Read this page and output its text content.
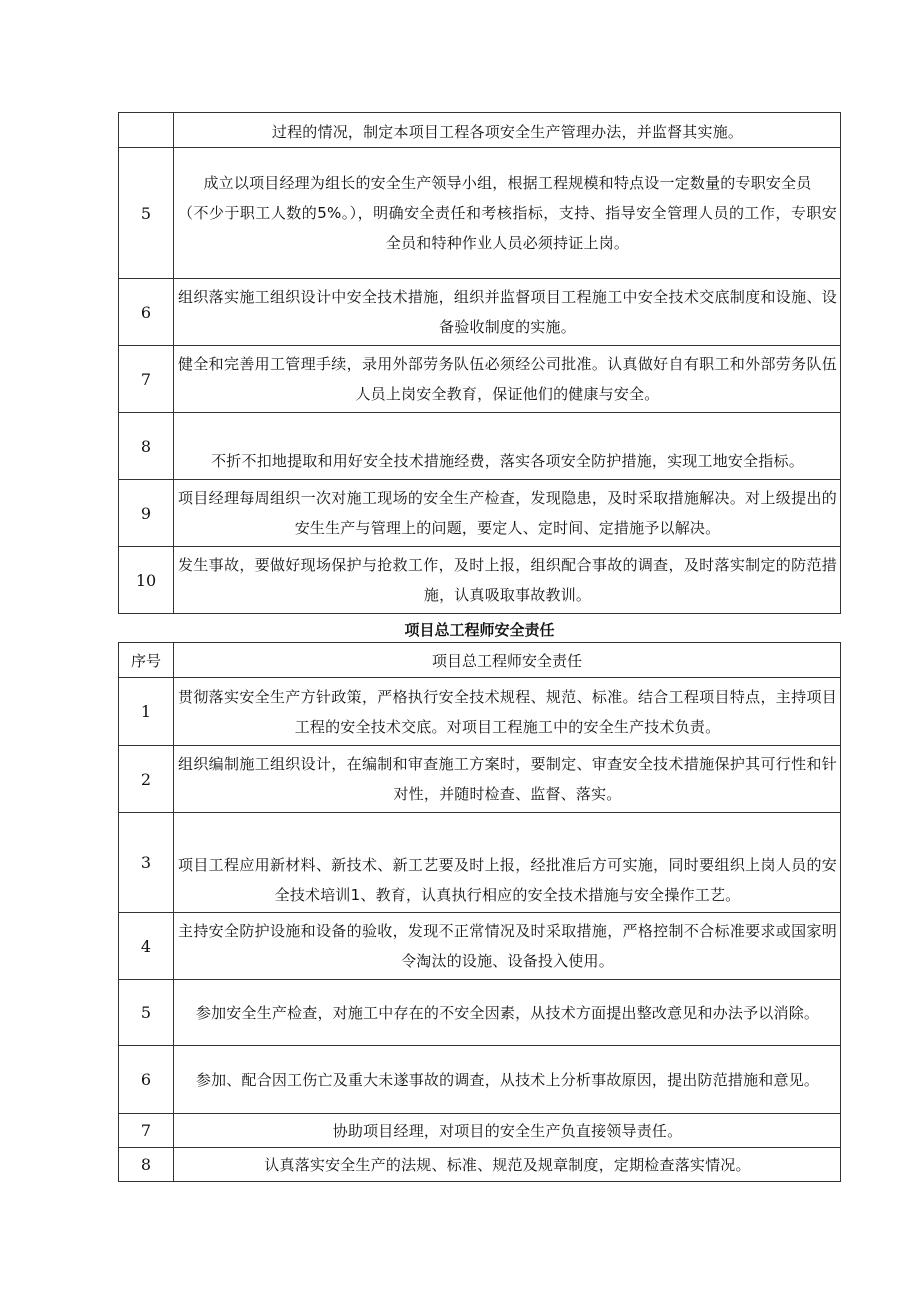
	过程的情况，制定本项目工程各项安全生产管理办法，并监督其实施。
5	成立以项目经理为组长的安全生产领导小组，根据工程规模和特点设一定数量的专职安全员
（不少于职工人数的5%。），明确安全责任和考核指标，支持、指导安全管理人员的工作，专职安全员和特种作业人员必须持证上岗。

6	组织落实施工组织设计中安全技术措施，组织并监督项目工程施工中安全技术交底制度和设施、设备验收制度的实施。
7	健全和完善用工管理手续，录用外部劳务队伍必须经公司批准。认真做好自有职工和外部劳务队伍人员上岗安全教育，保证他们的健康与安全。
8	不折不扣地提取和用好安全技术措施经费，落实各项安全防护措施，实现工地安全指标。
9	项目经理每周组织一次对施工现场的安全生产检查，发现隐患，及时采取措施解决。对上级提出的安生生产与管理上的问题，要定人、定时间、定措施予以解决。
10	发生事故，要做好现场保护与抢救工作，及时上报，组织配合事故的调查，及时落实制定的防范措施，认真吸取事故教训。
项目总工程师安全责任
序号	项目总工程师安全责任
1	贯彻落实安全生产方针政策，严格执行安全技术规程、规范、标准。结合工程项目特点，主持项目工程的安全技术交底。对项目工程施工中的安全生产技术负责。
2	组织编制施工组织设计，在编制和审查施工方案时，要制定、审查安全技术措施保护其可行性和针对性，并随时检查、监督、落实。
3	项目工程应用新材料、新技术、新工艺要及时上报，经批准后方可实施，同时要组织上岗人员的安全技术培训1、教育，认真执行相应的安全技术措施与安全操作工艺。
4	主持安全防护设施和设备的验收，发现不正常情况及时采取措施，严格控制不合标准要求或国家明令淘汰的设施、设备投入使用。
5	参加安全生产检查，对施工中存在的不安全因素，从技术方面提出整改意见和办法予以消除。
6	参加、配合因工伤亡及重大未遂事故的调查，从技术上分析事故原因，提出防范措施和意见。
7	协助项目经理，对项目的安全生产负直接领导责任。
8	认真落实安全生产的法规、标准、规范及规章制度，定期检查落实情况。
